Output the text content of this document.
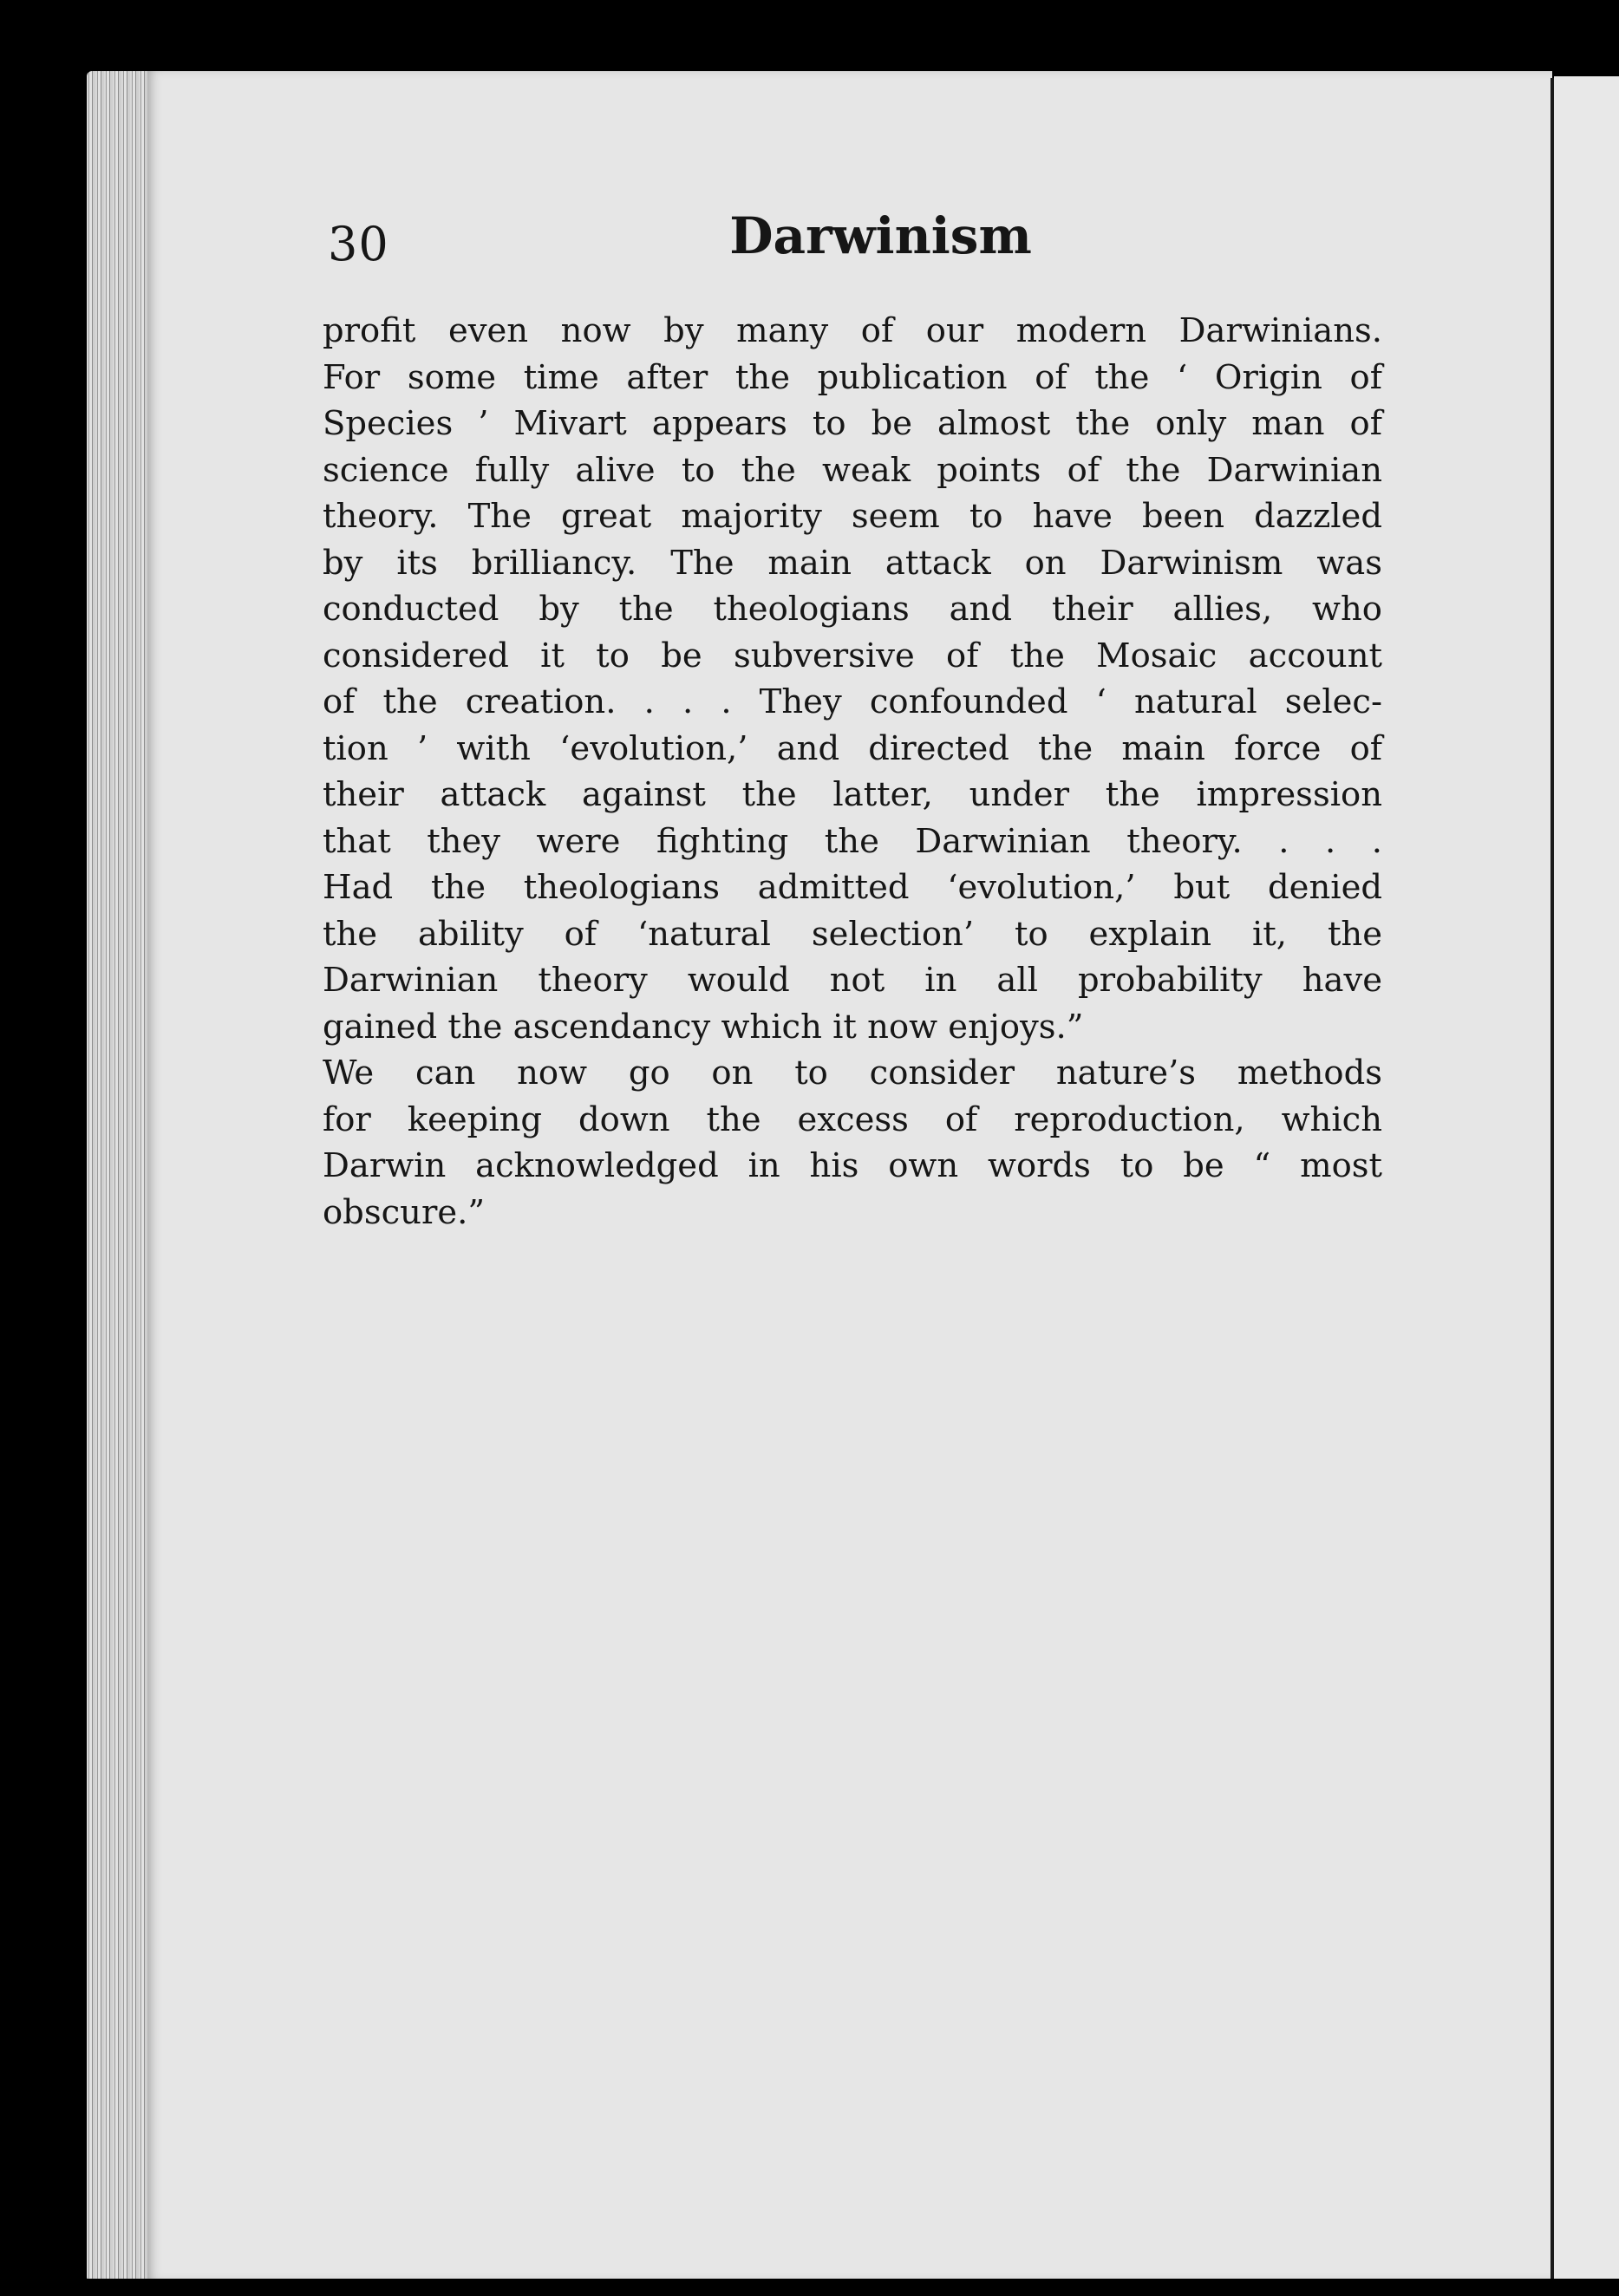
30	Darwinism
profit even now by many of our modern Darwinians.
For some time after the publication of the ‘ Origin of
Species ’ Mivart appears to be almost the only man of
science fully alive to the weak points of the Darwinian
theory. The great majority seem to have been dazzled
by its brilliancy. The main attack on Darwinism was
conducted by the theologians and their allies, who
considered it to be subversive of the Mosaic account
of the creation. . . . They confounded ‘ natural selec-
tion ’ with ‘evolution,’ and directed the main force of
their attack against the latter, under the impression
that they were fighting the Darwinian theory. . . .
Had the theologians admitted ‘evolution,’ but denied
the ability of ‘natural selection’ to explain it, the
Darwinian theory would not in all probability have
gained the ascendancy which it now enjoys.”
We can now go on to consider nature’s methods
for keeping down the excess of reproduction, which
Darwin acknowledged in his own words to be “ most
obscure.”
